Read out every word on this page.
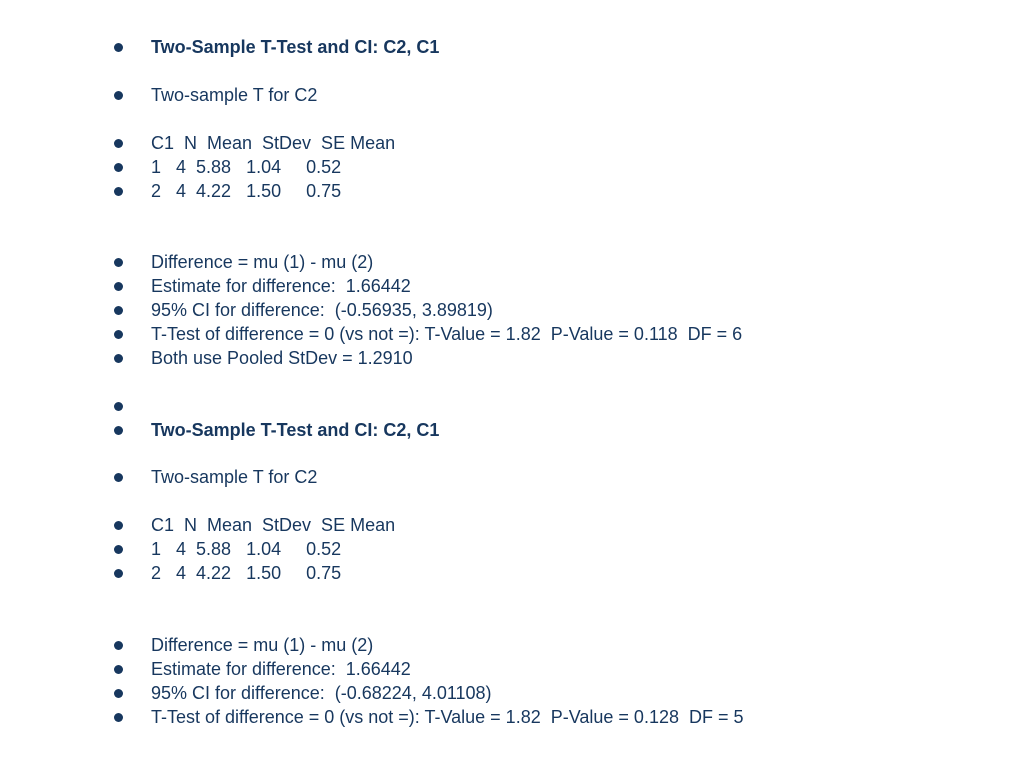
Two-Sample T-Test and CI: C2, C1
Two-sample T for C2
C1  N  Mean  StDev  SE Mean
1   4  5.88   1.04     0.52
2   4  4.22   1.50     0.75
Difference = mu (1) - mu (2)
Estimate for difference:  1.66442
95% CI for difference:  (-0.56935, 3.89819)
T-Test of difference = 0 (vs not =): T-Value = 1.82  P-Value = 0.118  DF = 6
Both use Pooled StDev = 1.2910
Two-Sample T-Test and CI: C2, C1
Two-sample T for C2
C1  N  Mean  StDev  SE Mean
1   4  5.88   1.04     0.52
2   4  4.22   1.50     0.75
Difference = mu (1) - mu (2)
Estimate for difference:  1.66442
95% CI for difference:  (-0.68224, 4.01108)
T-Test of difference = 0 (vs not =): T-Value = 1.82  P-Value = 0.128  DF = 5
